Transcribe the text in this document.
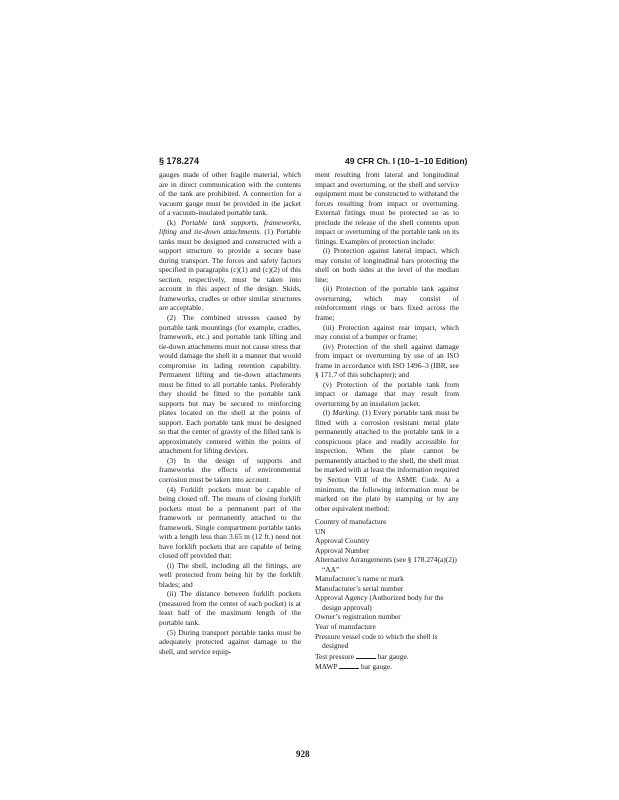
§ 178.274	49 CFR Ch. I (10–1–10 Edition)

gauges made of other fragile material, which are in direct communication with the contents of the tank are prohibited. A connection for a vacuum gauge must be provided in the jacket of a vacuum-insulated portable tank.

(k) Portable tank supports, frameworks, lifting and tie-down attachments. (1) Portable tanks must be designed and constructed with a support structure to provide a secure base during transport. The forces and safety factors specified in paragraphs (c)(1) and (c)(2) of this section, respectively, must be taken into account in this aspect of the design. Skids, frameworks, cradles or other similar structures are acceptable.

(2) The combined stresses caused by portable tank mountings (for example, cradles, framework, etc.) and portable tank lifting and tie-down attachments must not cause stress that would damage the shell in a manner that would compromise its lading retention capability. Permanent lifting and tie-down attachments must be fitted to all portable tanks. Preferably they should be fitted to the portable tank supports but may be secured to reinforcing plates located on the shell at the points of support. Each portable tank must be designed so that the center of gravity of the filled tank is approximately centered within the points of attachment for lifting devices.

(3) In the design of supports and frameworks the effects of environmental corrosion must be taken into account.

(4) Forklift pockets must be capable of being closed off. The means of closing forklift pockets must be a permanent part of the framework or permanently attached to the framework. Single compartment portable tanks with a length less than 3.65 m (12 ft.) need not have forklift pockets that are capable of being closed off provided that:

(i) The shell, including all the fittings, are well protected from being hit by the forklift blades; and

(ii) The distance between forklift pockets (measured from the center of each pocket) is at least half of the maximum length of the portable tank.

(5) During transport portable tanks must be adequately protected against damage to the shell, and service equip-

ment resulting from lateral and longitudinal impact and overturning, or the shell and service equipment must be constructed to withstand the forces resulting from impact or overturning. External fittings must be protected so as to preclude the release of the shell contents upon impact or overturning of the portable tank on its fittings. Examples of protection include:

(i) Protection against lateral impact, which may consist of longitudinal bars protecting the shell on both sides at the level of the median line;

(ii) Protection of the portable tank against overturning, which may consist of reinforcement rings or bars fixed across the frame;

(iii) Protection against rear impact, which may consist of a bumper or frame;

(iv) Protection of the shell against damage from impact or overturning by use of an ISO frame in accordance with ISO 1496–3 (IBR, see § 171.7 of this subchapter); and

(v) Protection of the portable tank from impact or damage that may result from overturning by an insulation jacket.

(l) Marking. (1) Every portable tank must be fitted with a corrosion resistant metal plate permanently attached to the portable tank in a conspicuous place and readily accessible for inspection. When the plate cannot be permanently attached to the shell, the shell must be marked with at least the information required by Section VIII of the ASME Code. At a minimum, the following information must be marked on the plate by stamping or by any other equivalent method:

Country of manufacture
UN
Approval Country
Approval Number
Alternative Arrangements (see § 178.274(a)(2)) “AA”
Manufacturer’s name or mark
Manufacturer’s serial number
Approval Agency (Authorized body for the design approval)
Owner’s registration number
Year of manufacture
Pressure vessel code to which the shell is designed
Test pressure	bar gauge.
MAWP	bar gauge.
928
